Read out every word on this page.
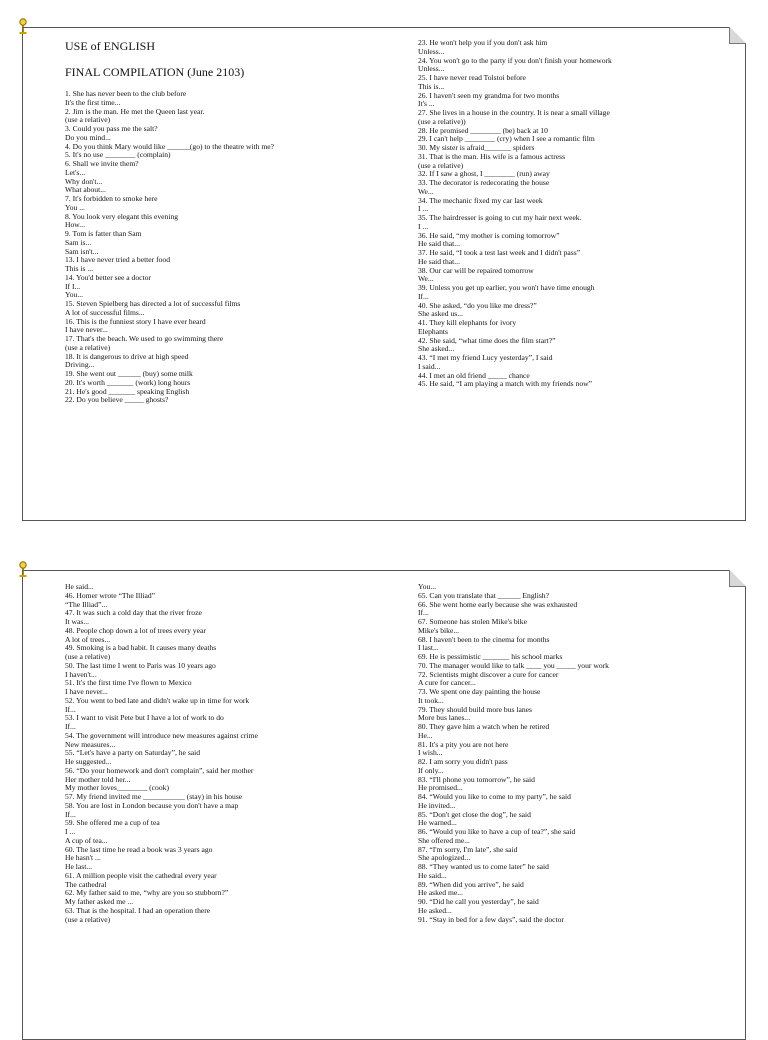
USE of ENGLISH
FINAL COMPILATION (June 2103)
1. She has never been to the club before
It's the first time...
2. Jim is the man. He met the Queen last year.
(use a relative)
3. Could you pass me the salt?
Do you mind...
4. Do you think Mary would like ______(go) to the theatre with me?
5. It's no use ________ (complain)
6. Shall we invite them?
Let's...
Why don't...
What about...
7. It's forbidden to smoke here
You ...
8. You look very elegant this evening
How...
9. Tom is fatter than Sam
Sam is...
Sam isn't...
13. I have never tried a better food
This is ...
14. You'd better see a doctor
If I...
You...
15. Steven Spielberg has directed a lot of successful films
A lot of successful films...
16. This is the funniest story I have ever heard
I have never...
17. That's the beach. We used to go swimming there
(use a relative)
18. It is dangerous to drive at high speed
Driving...
19. She went out ______ (buy) some milk
20. It's worth _______ (work) long hours
21. He's good _______ speaking English
22. Do you believe _____ ghosts?
23. He won't help you if you don't ask him
Unless...
24. You won't go to the party if you don't finish your homework
Unless...
25. I have never read Tolstoi before
This is...
26. I haven't seen my grandma for two months
It's ...
27. She lives in a house in the country. It is near a small village
(use a relative))
28. He promised ________ (be) back at 10
29. I can't help ________ (cry) when I see a romantic film
30. My sister is afraid_______ spiders
31. That is the man. His wife is a famous actress
(use a relative)
32. If I saw a ghost, I ________ (run) away
33. The decorator is redecorating the house
We...
34. The mechanic fixed my car last week
I ...
35. The hairdresser is going to cut my hair next week.
I ...
36. He said, “my mother is coming tomorrow”
He said that...
37. He said, “I took a test last week and I didn't pass”
He said that...
38. Our car will be repaired tomorrow
We...
39. Unless you get up earlier, you won't have time enough
If...
40. She asked, “do you like me dress?”
She asked us...
41. They kill elephants for ivory
Elephants
42. She said, “what time does the film start?”
She asked...
43. “I met my friend Lucy yesterday”, I said
I said...
44. I met an old friend _____ chance
45. He said, “I am playing a match with my friends now”
He said...
46. Homer wrote “The Illiad”
“The Illiad”...
47. It was such a cold day that the river froze
It was...
48. People chop down a lot of trees every year
A lot of trees...
49. Smoking is a bad habit. It causes many deaths
(use a relative)
50. The last time I went to Paris was 10 years ago
I haven't...
51. It's the first time I've flown to Mexico
I have never...
52. You went to bed late and didn't wake up in time for work
If...
53. I want to visit Pete but I have a lot of work to do
If...
54. The government will introduce new measures against crime
New measures...
55. “Let's have a party on Saturday”, he said
He suggested...
56. “Do your homework and don't complain”, said her mother
Her mother told her...
My mother loves________ (cook)
57. My friend invited me ___________ (stay) in his house
58. You are lost in London because you don't have a map
If...
59. She offered me a cup of tea
I ...
A cup of tea...
60. The last time he read a book was 3 years ago
He hasn't ...
He last...
61. A million people visit the cathedral every year
The cathedral
62. My father said to me, “why are you so stubborn?”
My father asked me ...
63. That is the hospital. I had an operation there
(use a relative)
You...
65. Can you translate that ______ English?
66. She went home early because she was exhausted
If...
67. Someone has stolen Mike's bike
Mike's bike...
68. I haven't been to the cinema for months
I last...
69. He is pessimistic _______ his school marks
70. The manager would like to talk ____ you _____ your work
72. Scientists might discover a cure for cancer
A cure for cancer...
73. We spent one day painting the house
It took...
79. They should build more bus lanes
More bus lanes...
80. They gave him a watch when he retired
He...
81. It's a pity you are not here
I wish...
82. I am sorry you didn't pass
If only...
83. “I'll phone you tomorrow”, he said
He promised...
84. “Would you like to come to my party”, he said
He invited...
85. “Don't get close the dog”, he said
He warned...
86. “Would you like to have a cup of tea?”, she said
She offered me...
87. “I'm sorry, I'm late”, she said
She apologized...
88. “They wanted us to come later” he said
He said...
89. “When did you arrive”, he said
He asked me...
90. “Did he call you yesterday”, he said
He asked...
91. “Stay in bed for a few days”, said the doctor
